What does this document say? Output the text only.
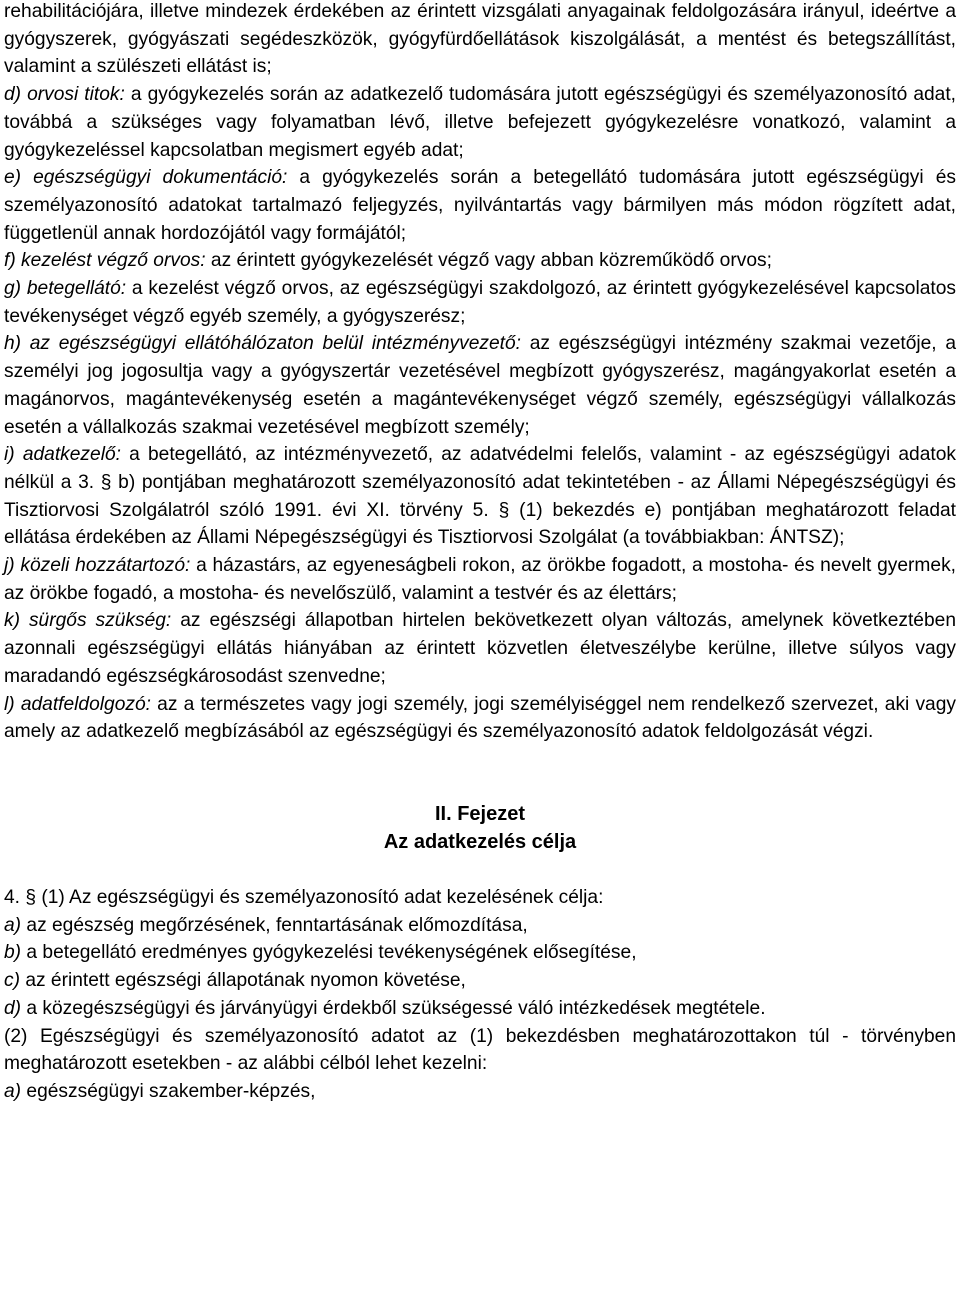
rehabilitációjára, illetve mindezek érdekében az érintett vizsgálati anyagainak feldolgozására irányul, ideértve a gyógyszerek, gyógyászati segédeszközök, gyógyfürdőellátások kiszolgálását, a mentést és betegszállítást, valamint a szülészeti ellátást is;

d) orvosi titok: a gyógykezelés során az adatkezelő tudomására jutott egészségügyi és személyazonosító adat, továbbá a szükséges vagy folyamatban lévő, illetve befejezett gyógykezelésre vonatkozó, valamint a gyógykezeléssel kapcsolatban megismert egyéb adat;

e) egészségügyi dokumentáció: a gyógykezelés során a betegellátó tudomására jutott egészségügyi és személyazonosító adatokat tartalmazó feljegyzés, nyilvántartás vagy bármilyen más módon rögzített adat, függetlenül annak hordozójától vagy formájától;

f) kezelést végző orvos: az érintett gyógykezelését végző vagy abban közreműködő orvos;

g) betegellátó: a kezelést végző orvos, az egészségügyi szakdolgozó, az érintett gyógykezelésével kapcsolatos tevékenységet végző egyéb személy, a gyógyszerész;

h) az egészségügyi ellátóhálózaton belül intézményvezető: az egészségügyi intézmény szakmai vezetője, a személyi jog jogosultja vagy a gyógyszertár vezetésével megbízott gyógyszerész, magángyakorlat esetén a magánorvos, magántevékenység esetén a magántevékenységet végző személy, egészségügyi vállalkozás esetén a vállalkozás szakmai vezetésével megbízott személy;

i) adatkezelő: a betegellátó, az intézményvezető, az adatvédelmi felelős, valamint - az egészségügyi adatok nélkül a 3. § b) pontjában meghatározott személyazonosító adat tekintetében - az Állami Népegészségügyi és Tisztiorvosi Szolgálatról szóló 1991. évi XI. törvény 5. § (1) bekezdés e) pontjában meghatározott feladat ellátása érdekében az Állami Népegészségügyi és Tisztiorvosi Szolgálat (a továbbiakban: ÁNTSZ);

j) közeli hozzátartozó: a házastárs, az egyeneságbeli rokon, az örökbe fogadott, a mostoha- és nevelt gyermek, az örökbe fogadó, a mostoha- és nevelőszülő, valamint a testvér és az élettárs;

k) sürgős szükség: az egészségi állapotban hirtelen bekövetkezett olyan változás, amelynek következtében azonnali egészségügyi ellátás hiányában az érintett közvetlen életveszélybe kerülne, illetve súlyos vagy maradandó egészségkárosodást szenvedne;

l) adatfeldolgozó: az a természetes vagy jogi személy, jogi személyiséggel nem rendelkező szervezet, aki vagy amely az adatkezelő megbízásából az egészségügyi és személyazonosító adatok feldolgozását végzi.

II. Fejezet

Az adatkezelés célja

4. § (1) Az egészségügyi és személyazonosító adat kezelésének célja:

a) az egészség megőrzésének, fenntartásának előmozdítása,

b) a betegellátó eredményes gyógykezelési tevékenységének elősegítése,

c) az érintett egészségi állapotának nyomon követése,

d) a közegészségügyi és járványügyi érdekből szükségessé váló intézkedések megtétele.

(2) Egészségügyi és személyazonosító adatot az (1) bekezdésben meghatározottakon túl - törvényben meghatározott esetekben - az alábbi célból lehet kezelni:

a) egészségügyi szakember-képzés,
